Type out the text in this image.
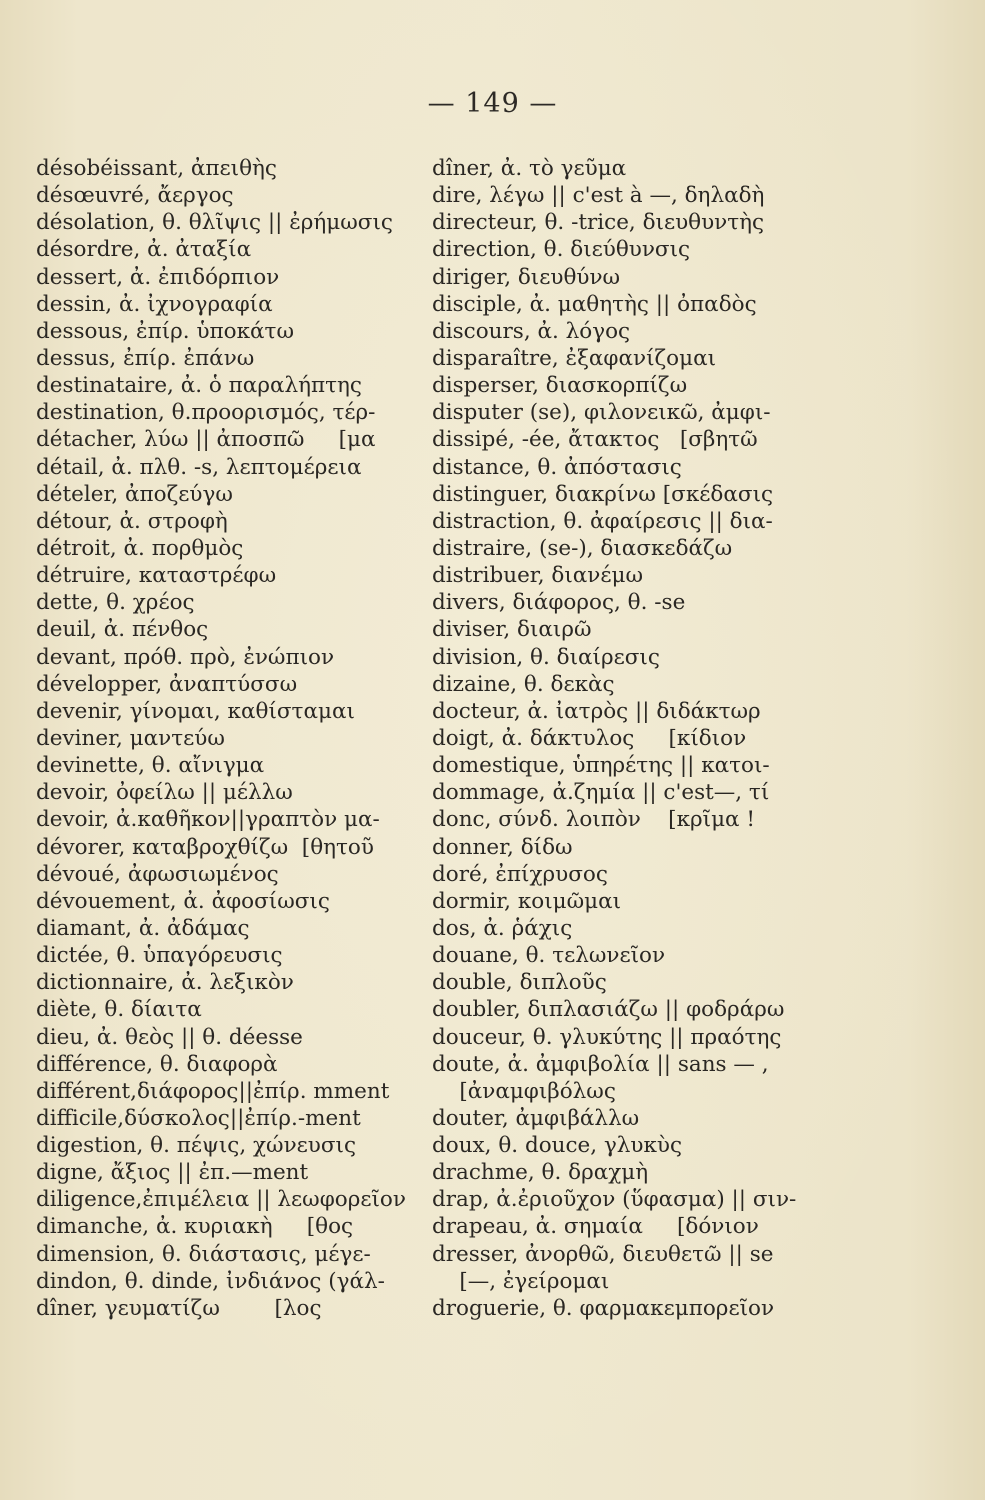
— 149 —
désobéissant, ἀπειθὴς
désœuvré, ἄεργος
désolation, θ. θλῖψις || ἐρήμωσις
désordre, ἀ. ἀταξία
dessert, ἀ. ἐπιδόρπιον
dessin, ἀ. ἰχνογραφία
dessous, ἐπίρ. ὑποκάτω
dessus, ἐπίρ. ἐπάνω
destinataire, ἀ. ὁ παραλήπτης
destination, θ.προορισμός, τέρ-
détacher, λύω || ἀποσπῶ     [μα
détail, ἀ. πλθ. -s, λεπτομέρεια
dételer, ἀποζεύγω
détour, ἀ. στροφὴ
détroit, ἀ. πορθμὸς
détruire, καταστρέφω
dette, θ. χρέος
deuil, ἀ. πένθος
devant, πρόθ. πρὸ, ἐνώπιον
développer, ἀναπτύσσω
devenir, γίνομαι, καθίσταμαι
deviner, μαντεύω
devinette, θ. αἴνιγμα
devoir, ὀφείλω || μέλλω
devoir, ἀ.καθῆκον||γραπτὸν μα-
dévorer, καταβροχθίζω  [θητοῦ
dévoué, ἀφωσιωμένος
dévouement, ἀ. ἀφοσίωσις
diamant, ἀ. ἀδάμας
dictée, θ. ὑπαγόρευσις
dictionnaire, ἀ. λεξικὸν
diète, θ. δίαιτα
dieu, ἀ. θεὸς || θ. déesse
différence, θ. διαφορὰ
différent,διάφορος||ἐπίρ. mment
difficile,δύσκολος||ἐπίρ.-ment
digestion, θ. πέψις, χώνευσις
digne, ἄξιος || ἐπ.—ment
diligence,ἐπιμέλεια || λεωφορεῖον
dimanche, ἀ. κυριακὴ     [θος
dimension, θ. διάστασις, μέγε-
dindon, θ. dinde, ἰνδιάνος (γάλ-
dîner, γευματίζω        [λος
dîner, ἀ. τὸ γεῦμα
dire, λέγω || c'est à —, δηλαδὴ
directeur, θ. -trice, διευθυντὴς
direction, θ. διεύθυνσις
diriger, διευθύνω
disciple, ἀ. μαθητὴς || ὀπαδὸς
discours, ἀ. λόγος
disparaître, ἐξαφανίζομαι
disperser, διασκορπίζω
disputer (se), φιλονεικῶ, ἀμφι-
dissipé, -ée, ἄτακτος   [σβητῶ
distance, θ. ἀπόστασις
distinguer, διακρίνω [σκέδασις
distraction, θ. ἀφαίρεσις || δια-
distraire, (se-), διασκεδάζω
distribuer, διανέμω
divers, διάφορος, θ. -se
diviser, διαιρῶ
division, θ. διαίρεσις
dizaine, θ. δεκὰς
docteur, ἀ. ἰατρὸς || διδάκτωρ
doigt, ἀ. δάκτυλος     [κίδιον
domestique, ὑπηρέτης || κατοι-
dommage, ἀ.ζημία || c'est—, τί
donc, σύνδ. λοιπὸν    [κρῖμα !
donner, δίδω
doré, ἐπίχρυσος
dormir, κοιμῶμαι
dos, ἀ. ῥάχις
douane, θ. τελωνεῖον
double, διπλοῦς
doubler, διπλασιάζω || φοδράρω
douceur, θ. γλυκύτης || πραότης
doute, ἀ. ἀμφιβολία || sans — ,
[ἀναμφιβόλως
douter, ἀμφιβάλλω
doux, θ. douce, γλυκὺς
drachme, θ. δραχμὴ
drap, ἀ.ἐριοῦχον (ὕφασμα) || σιν-
drapeau, ἀ. σημαία     [δόνιον
dresser, ἀνορθῶ, διευθετῶ || se
[—, ἐγείρομαι
droguerie, θ. φαρμακεμπορεῖον
